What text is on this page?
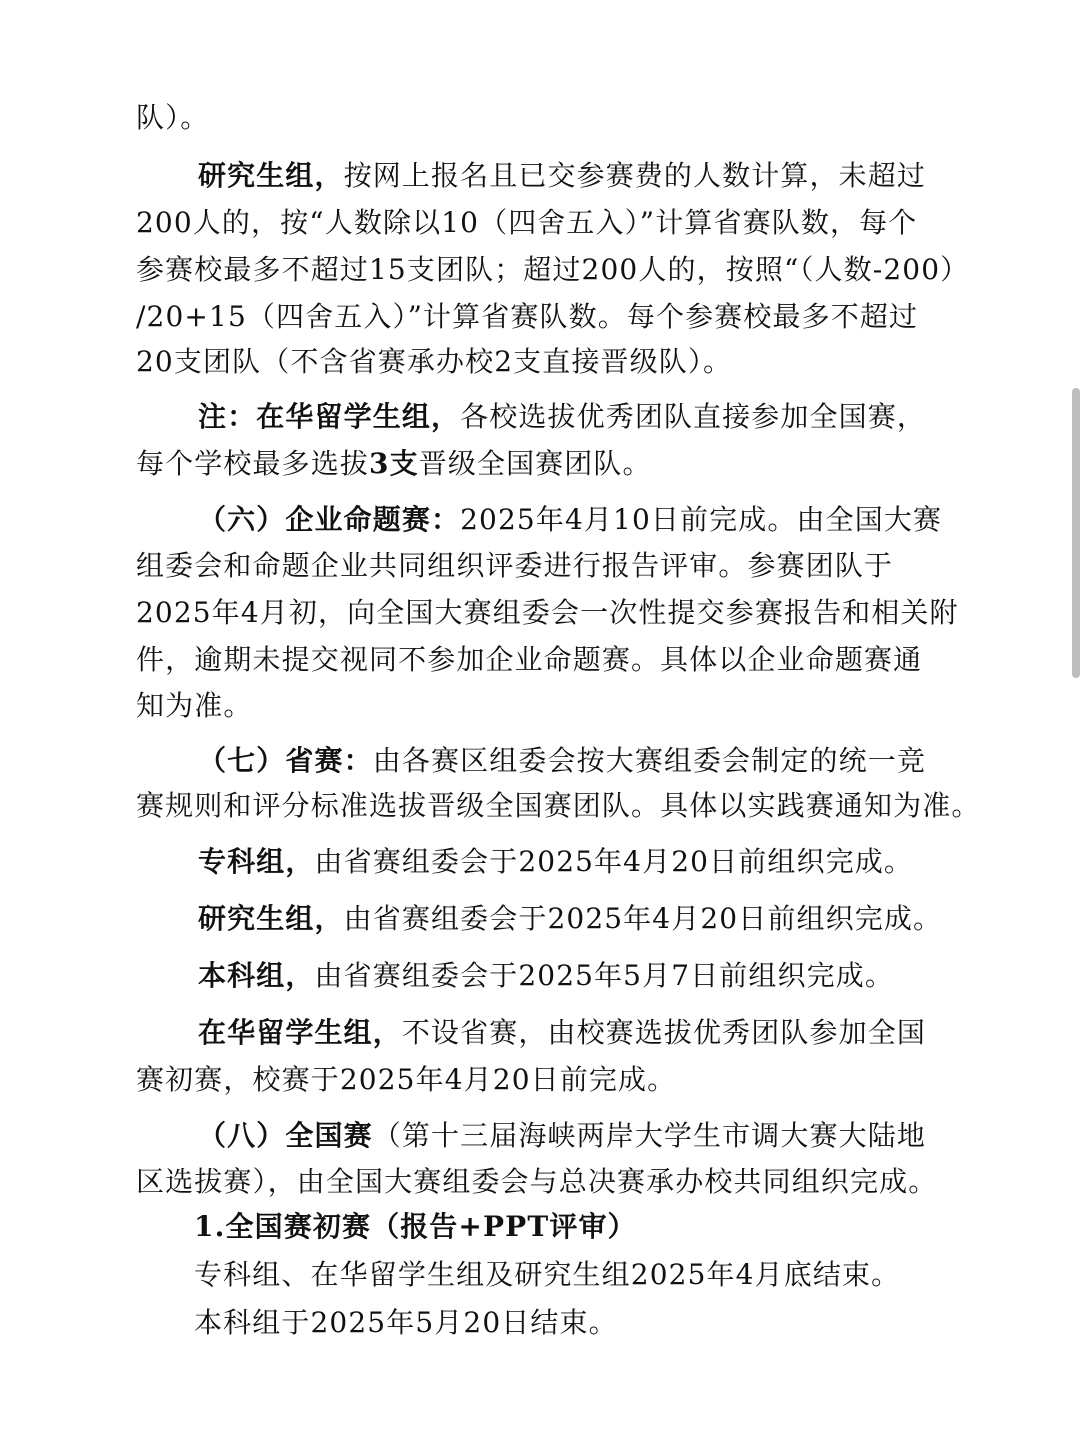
队）。
研究生组，按网上报名且已交参赛费的人数计算，未超过
200人的，按“人数除以10（四舍五入）”计算省赛队数，每个
参赛校最多不超过15支团队；超过200人的，按照“（人数-200）
/20+15（四舍五入）”计算省赛队数。每个参赛校最多不超过
20支团队（不含省赛承办校2支直接晋级队）。
注：在华留学生组，各校选拔优秀团队直接参加全国赛，
每个学校最多选拔3支晋级全国赛团队。
（六）企业命题赛：2025年4月10日前完成。由全国大赛
组委会和命题企业共同组织评委进行报告评审。参赛团队于
2025年4月初，向全国大赛组委会一次性提交参赛报告和相关附
件，逾期未提交视同不参加企业命题赛。具体以企业命题赛通
知为准。
（七）省赛：由各赛区组委会按大赛组委会制定的统一竞
赛规则和评分标准选拔晋级全国赛团队。具体以实践赛通知为准。
专科组，由省赛组委会于2025年4月20日前组织完成。
研究生组，由省赛组委会于2025年4月20日前组织完成。
本科组，由省赛组委会于2025年5月7日前组织完成。
在华留学生组，不设省赛，由校赛选拔优秀团队参加全国
赛初赛，校赛于2025年4月20日前完成。
（八）全国赛（第十三届海峡两岸大学生市调大赛大陆地
区选拔赛），由全国大赛组委会与总决赛承办校共同组织完成。
1.全国赛初赛（报告+PPT评审）
专科组、在华留学生组及研究生组2025年4月底结束。
本科组于2025年5月20日结束。
